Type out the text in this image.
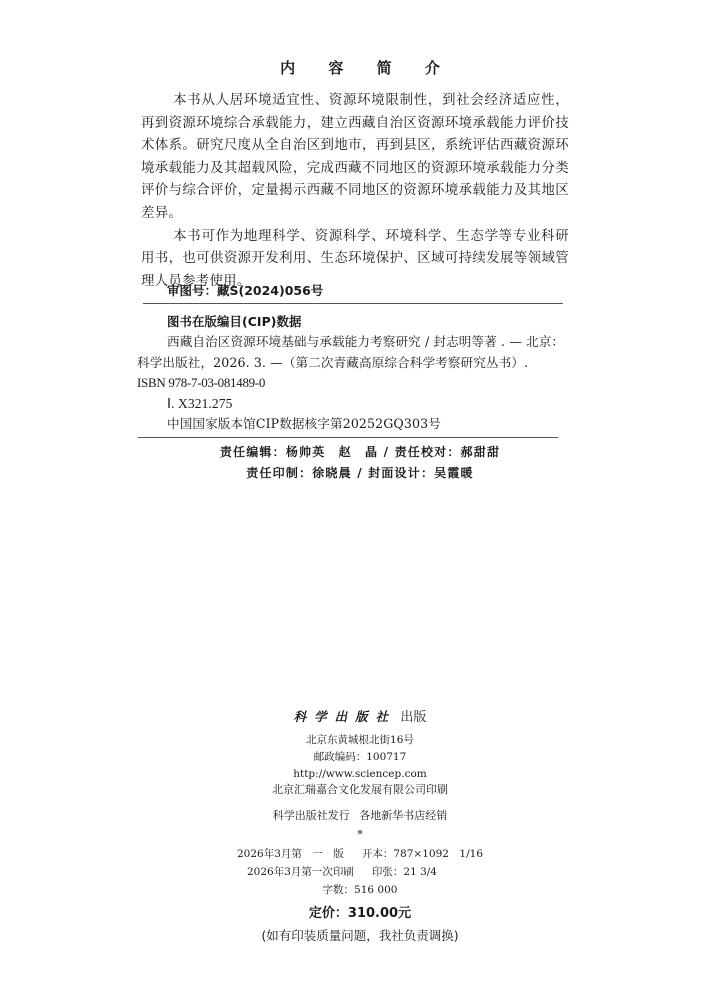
内 容 简 介

本书从人居环境适宜性、资源环境限制性，到社会经济适应性，再到资源环境综合承载能力，建立西藏自治区资源环境承载能力评价技术体系。研究尺度从全自治区到地市，再到县区，系统评估西藏资源环境承载能力及其超载风险，完成西藏不同地区的资源环境承载能力分类评价与综合评价，定量揭示西藏不同地区的资源环境承载能力及其地区差异。

本书可作为地理科学、资源科学、环境科学、生态学等专业科研用书，也可供资源开发利用、生态环境保护、区域可持续发展等领域管理人员参考使用。

审图号：藏S(2024)056号
图书在版编目(CIP)数据
西藏自治区资源环境基础与承载能力考察研究 / 封志明等著 . — 北京：
科学出版社，2026. 3. —（第二次青藏高原综合科学考察研究丛书）.
ISBN 978-7-03-081489-0
Ⅰ. X321.275
中国国家版本馆CIP数据核字第20252GQ303号
责任编辑：杨帅英　赵　晶 / 责任校对：郝甜甜
责任印制：徐晓晨 / 封面设计：吴霞暖
科学出版社 出版
北京东黄城根北街16号
邮政编码：100717
http://www.sciencep.com
北京汇瑞嘉合文化发展有限公司印刷
科学出版社发行 各地新华书店经销
*
2026年3月第　一　版 开本：787×1092　1/16
2026年3月第一次印刷 印张：21 3/4
字数：516 000
定价：310.00元
(如有印装质量问题，我社负责调换)
